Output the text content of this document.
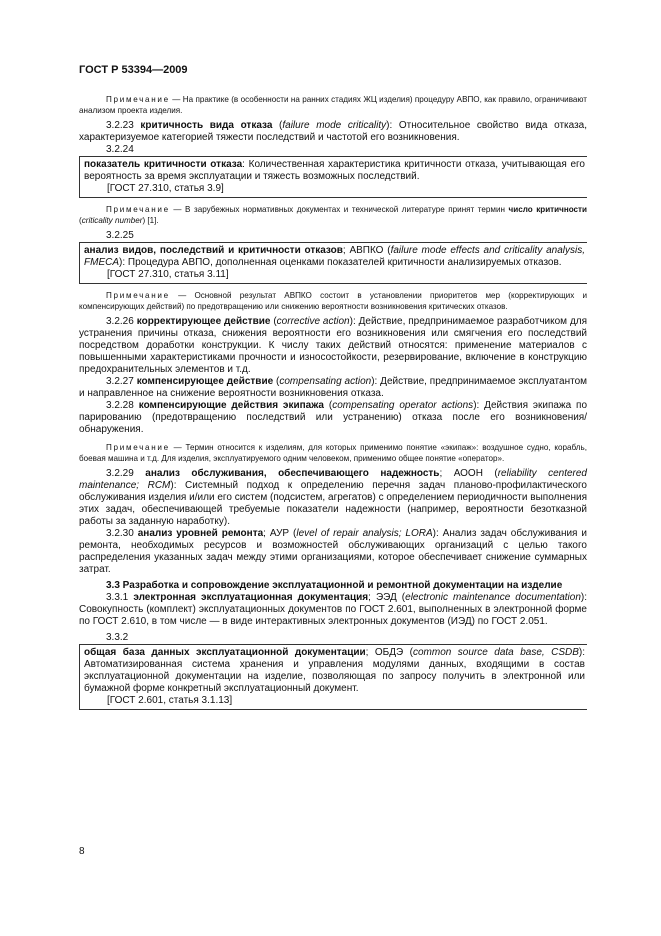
ГОСТ Р 53394—2009

Примечание — На практике (в особенности на ранних стадиях ЖЦ изделия) процедуру АВПО, как правило, ограничивают анализом проекта изделия.

3.2.23 критичность вида отказа (failure mode criticality): Относительное свойство вида отказа, характеризуемое категорией тяжести последствий и частотой его возникновения.

3.2.24

показатель критичности отказа: Количественная характеристика критичности отказа, учитывающая его вероятность за время эксплуатации и тяжесть возможных последствий.

[ГОСТ 27.310, статья 3.9]

Примечание — В зарубежных нормативных документах и технической литературе принят термин число критичности (criticality number) [1].

3.2.25

анализ видов, последствий и критичности отказов; АВПКО (failure mode effects and criticality analysis, FMECA): Процедура АВПО, дополненная оценками показателей критичности анализируемых отказов.

[ГОСТ 27.310, статья 3.11]

Примечание — Основной результат АВПКО состоит в установлении приоритетов мер (корректирующих и компенсирующих действий) по предотвращению или снижению вероятности возникновения критических отказов.

3.2.26 корректирующее действие (corrective action): Действие, предпринимаемое разработчиком для устранения причины отказа, снижения вероятности его возникновения или смягчения его последствий посредством доработки конструкции. К числу таких действий относятся: применение материалов с повышенными характеристиками прочности и износостойкости, резервирование, включение в конструкцию предохранительных элементов и т.д.

3.2.27 компенсирующее действие (compensating action): Действие, предпринимаемое эксплуатантом и направленное на снижение вероятности возникновения отказа.

3.2.28 компенсирующие действия экипажа (compensating operator actions): Действия экипажа по парированию (предотвращению последствий или устранению) отказа после его возникновения/обнаружения.

Примечание — Термин относится к изделиям, для которых применимо понятие «экипаж»: воздушное судно, корабль, боевая машина и т.д. Для изделия, эксплуатируемого одним человеком, применимо общее понятие «оператор».

3.2.29 анализ обслуживания, обеспечивающего надежность; АООН (reliability centered maintenance; RCM): Системный подход к определению перечня задач планово-профилактического обслуживания изделия и/или его систем (подсистем, агрегатов) с определением периодичности выполнения этих задач, обеспечивающей требуемые показатели надежности (например, вероятности безотказной работы за заданную наработку).

3.2.30 анализ уровней ремонта; АУР (level of repair analysis; LORA): Анализ задач обслуживания и ремонта, необходимых ресурсов и возможностей обслуживающих организаций с целью такого распределения указанных задач между этими организациями, которое обеспечивает снижение суммарных затрат.

3.3 Разработка и сопровождение эксплуатационной и ремонтной документации на изделие

3.3.1 электронная эксплуатационная документация; ЭЭД (electronic maintenance documentation): Совокупность (комплект) эксплуатационных документов по ГОСТ 2.601, выполненных в электронной форме по ГОСТ 2.610, в том числе — в виде интерактивных электронных документов (ИЭД) по ГОСТ 2.051.

3.3.2

общая база данных эксплуатационной документации; ОБДЭ (common source data base, CSDB): Автоматизированная система хранения и управления модулями данных, входящими в состав эксплуатационной документации на изделие, позволяющая по запросу получить в электронной или бумажной форме конкретный эксплуатационный документ.

[ГОСТ 2.601, статья 3.1.13]
8
